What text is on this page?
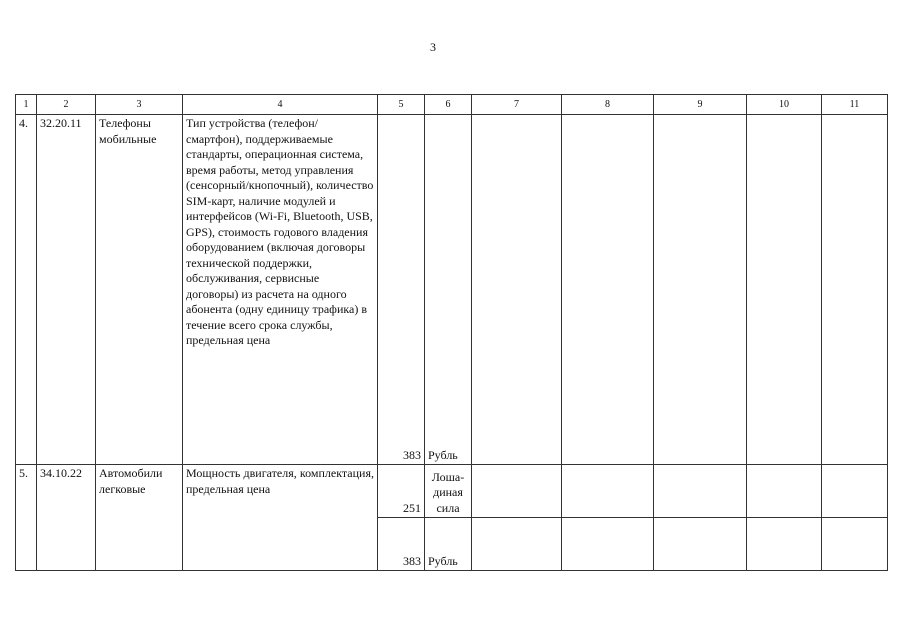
3
1	2	3	4	5	6	7	8	9	10	11
4.	32.20.11	Телефоны мобильные	Тип устройства (телефон/смартфон), поддерживаемые стандарты, операционная система, время работы, метод управления (сенсорный/кнопочный), количество SIM-карт, наличие модулей и интерфейсов (Wi-Fi, Bluetooth, USB, GPS), стоимость годового владения оборудованием (включая договоры технической поддержки, обслуживания, сервисные договоры) из расчета на одного абонента (одну единицу трафика) в течение всего срока службы, предельная цена	383	Рубль					
5.	34.10.22	Автомобили легковые	Мощность двигателя, комплектация, предельная цена	251	Лоша-
диная
сила					
				383	Рубль					
